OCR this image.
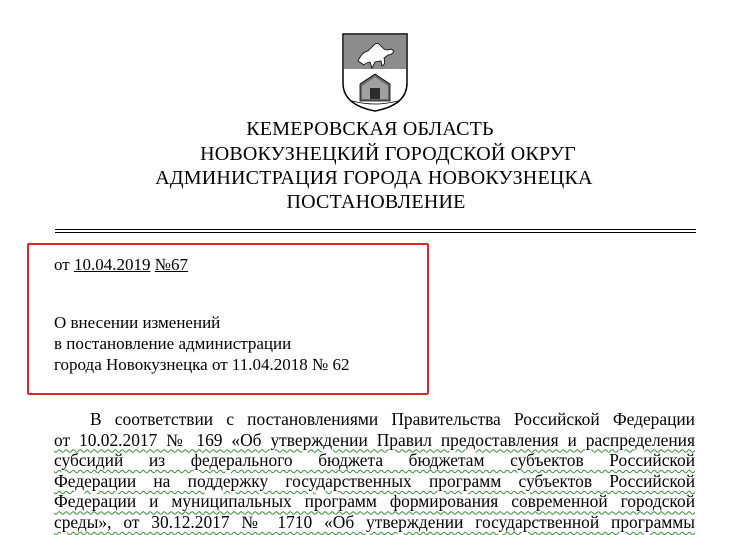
КЕМЕРОВСКАЯ ОБЛАСТЬ
НОВОКУЗНЕЦКИЙ ГОРОДСКОЙ ОКРУГ
АДМИНИСТРАЦИЯ ГОРОДА НОВОКУЗНЕЦКА
ПОСТАНОВЛЕНИЕ
от 10.04.2019 №67
О внесении изменений
в постановление администрации
города Новокузнецка от 11.04.2018 № 62
В соответствии с постановлениями Правительства Российской Федерации
от 10.02.2017 № 169 «Об утверждении Правил предоставления и распределения
субсидий из федерального бюджета бюджетам субъектов Российской
Федерации на поддержку государственных программ субъектов Российской
Федерации и муниципальных программ формирования современной городской
среды», от 30.12.2017 № 1710 «Об утверждении государственной программы
